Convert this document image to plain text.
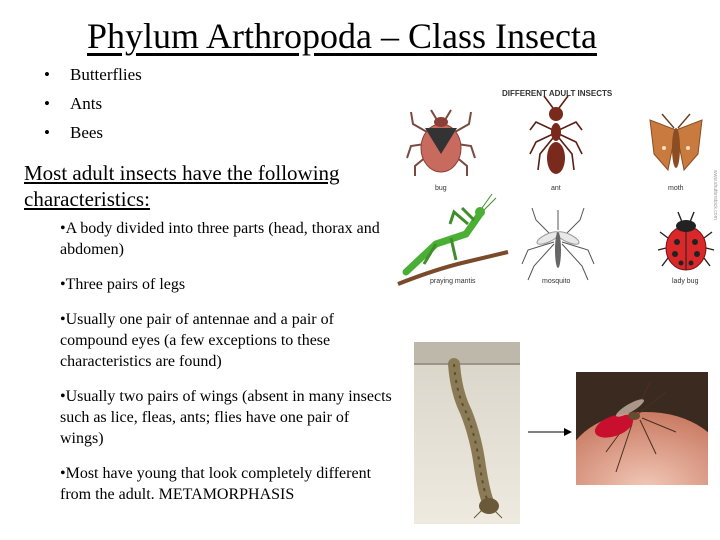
Phylum Arthropoda – Class Insecta
•	Butterflies
•	Ants
•	Bees
Most adult insects have the following characteristics:

•A body divided into three parts (head, thorax and abdomen)

•Three pairs of legs

•Usually one pair of antennae and a pair of compound eyes (a few exceptions to these characteristics are found)

•Usually two pairs of wings (absent in many insects such as lice, fleas, ants; flies have one pair of wings)

•Most have young that look completely different from the adult. METAMORPHASIS

DIFFERENT ADULT INSECTS
bug	ant	moth
praying mantis	mosquito	lady bug
www.shutterstock.com
